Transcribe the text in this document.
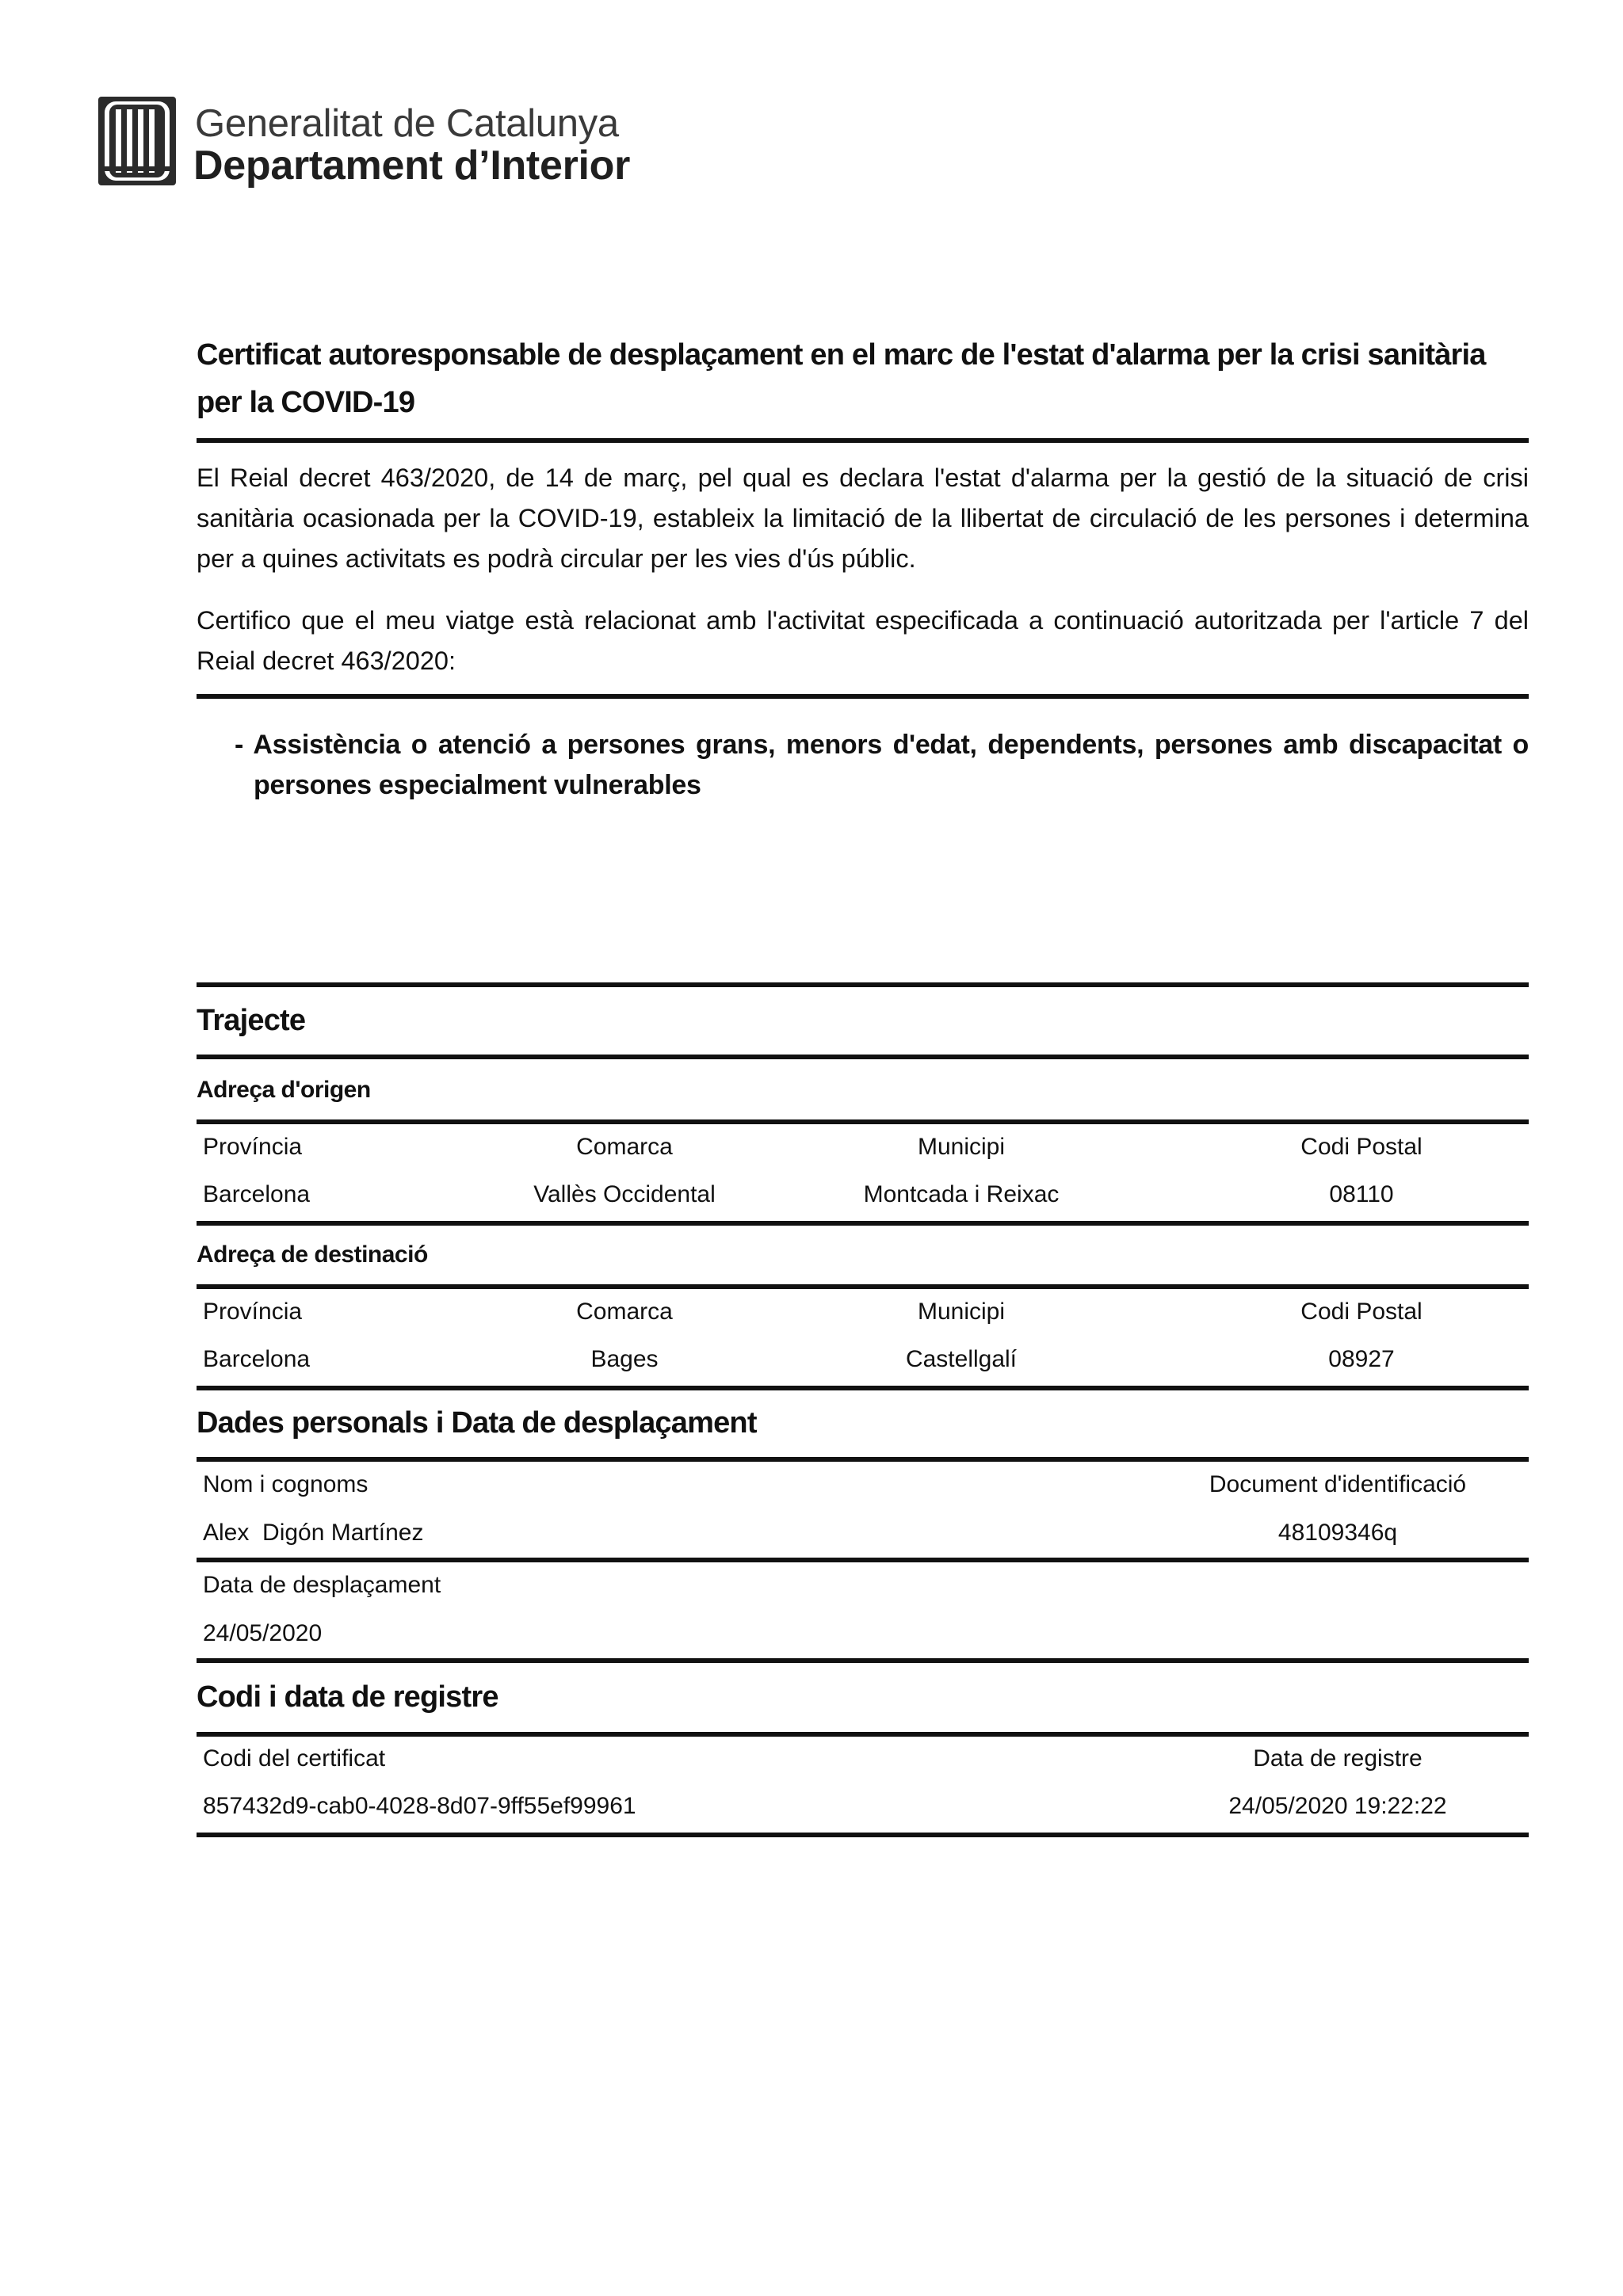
Generalitat de Catalunya
Departament d’Interior
Certificat autoresponsable de desplaçament en el marc de l'estat d'alarma per la crisi sanitària per la COVID-19
El Reial decret 463/2020, de 14 de març, pel qual es declara l'estat d'alarma per la gestió de la situació de crisi sanitària ocasionada per la COVID-19, estableix la limitació de la llibertat de circulació de les persones i determina per a quines activitats es podrà circular per les vies d'ús públic.
Certifico que el meu viatge està relacionat amb l'activitat especificada a continuació autoritzada per l'article 7 del Reial decret 463/2020:
- Assistència o atenció a persones grans, menors d'edat, dependents, persones amb discapacitat o persones especialment vulnerables
Trajecte
Adreça d'origen
Província	Comarca	Municipi	Codi Postal
Barcelona	Vallès Occidental	Montcada i Reixac	08110
Adreça de destinació
Província	Comarca	Municipi	Codi Postal
Barcelona	Bages	Castellgalí	08927
Dades personals i Data de desplaçament
Nom i cognoms	Document d'identificació
Alex  Digón Martínez	48109346q
Data de desplaçament
24/05/2020
Codi i data de registre
Codi del certificat	Data de registre
857432d9-cab0-4028-8d07-9ff55ef99961	24/05/2020 19:22:22
